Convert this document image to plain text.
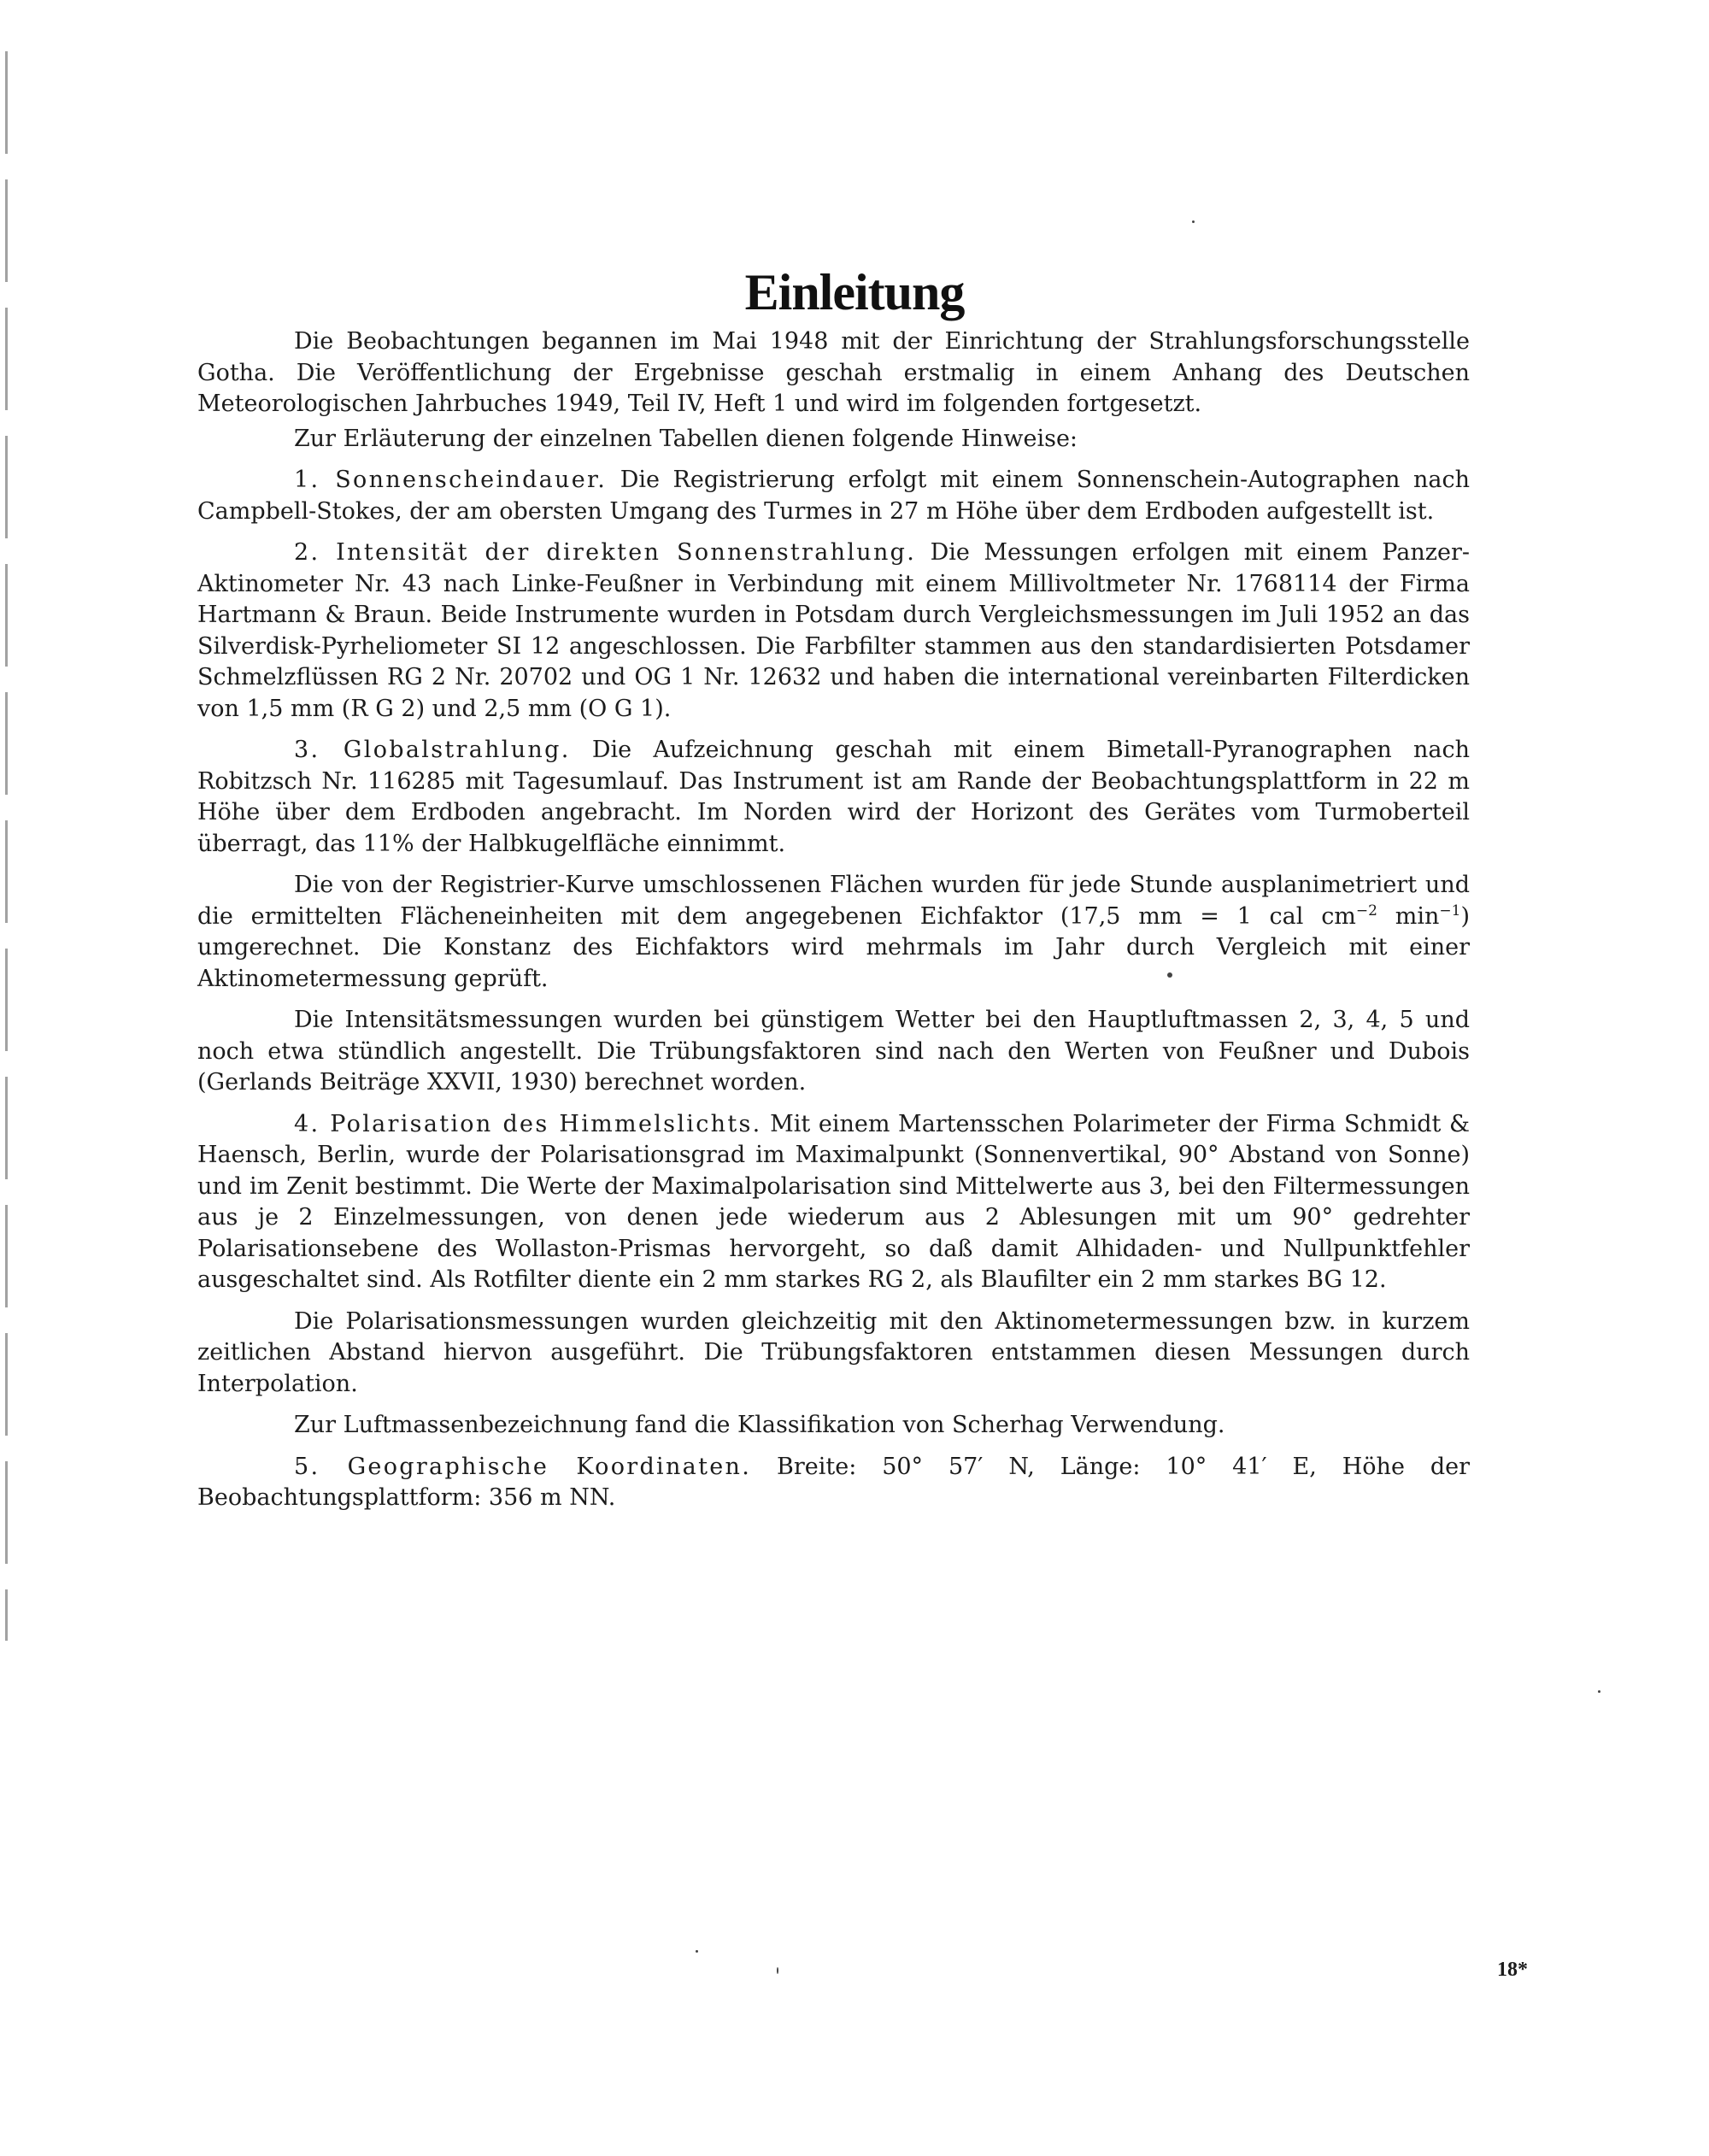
Einleitung

Die Beobachtungen begannen im Mai 1948 mit der Einrichtung der Strahlungsforschungsstelle Gotha. Die Veröffentlichung der Ergebnisse geschah erstmalig in einem Anhang des Deutschen Meteorologischen Jahrbuches 1949, Teil IV, Heft 1 und wird im folgenden fortgesetzt.

Zur Erläuterung der einzelnen Tabellen dienen folgende Hinweise:

1. Sonnenscheindauer. Die Registrierung erfolgt mit einem Sonnenschein-Autographen nach Campbell-Stokes, der am obersten Umgang des Turmes in 27 m Höhe über dem Erdboden aufgestellt ist.

2. Intensität der direkten Sonnenstrahlung. Die Messungen erfolgen mit einem Panzer-Aktinometer Nr. 43 nach Linke-Feußner in Verbindung mit einem Millivoltmeter Nr. 1768114 der Firma Hartmann & Braun. Beide Instrumente wurden in Potsdam durch Vergleichsmessungen im Juli 1952 an das Silverdisk-Pyrheliometer SI 12 angeschlossen. Die Farbfilter stammen aus den standardisierten Potsdamer Schmelzflüssen RG 2 Nr. 20702 und OG 1 Nr. 12632 und haben die international vereinbarten Filterdicken von 1,5 mm (R G 2) und 2,5 mm (O G 1).

3. Globalstrahlung. Die Aufzeichnung geschah mit einem Bimetall-Pyranographen nach Robitzsch Nr. 116285 mit Tagesumlauf. Das Instrument ist am Rande der Beobachtungsplattform in 22 m Höhe über dem Erdboden angebracht. Im Norden wird der Horizont des Gerätes vom Turmoberteil überragt, das 11% der Halbkugelfläche einnimmt.

Die von der Registrier-Kurve umschlossenen Flächen wurden für jede Stunde ausplanimetriert und die ermittelten Flächeneinheiten mit dem angegebenen Eichfaktor (17,5 mm = 1 cal $cm^{-2}$ $\min^{-1}$) umgerechnet. Die Konstanz des Eichfaktors wird mehrmals im Jahr durch Vergleich mit einer Aktinometermessung geprüft.

Die Intensitätsmessungen wurden bei günstigem Wetter bei den Hauptluftmassen 2, 3, 4, 5 und noch etwa stündlich angestellt. Die Trübungsfaktoren sind nach den Werten von Feußner und Dubois (Gerlands Beiträge XXVII, 1930) berechnet worden.

4. Polarisation des Himmelslichts. Mit einem Martensschen Polarimeter der Firma Schmidt & Haensch, Berlin, wurde der Polarisationsgrad im Maximalpunkt (Sonnenvertikal, 90° Abstand von Sonne) und im Zenit bestimmt. Die Werte der Maximalpolarisation sind Mittelwerte aus 3, bei den Filtermessungen aus je 2 Einzelmessungen, von denen jede wiederum aus 2 Ablesungen mit um 90° gedrehter Polarisationsebene des Wollaston-Prismas hervorgeht, so daß damit Alhidaden- und Nullpunktfehler ausgeschaltet sind. Als Rotfilter diente ein 2 mm starkes RG 2, als Blaufilter ein 2 mm starkes BG 12.

Die Polarisationsmessungen wurden gleichzeitig mit den Aktinometermessungen bzw. in kurzem zeitlichen Abstand hiervon ausgeführt. Die Trübungsfaktoren entstammen diesen Messungen durch Interpolation.

Zur Luftmassenbezeichnung fand die Klassifikation von Scherhag Verwendung.

5. Geographische Koordinaten. Breite: 50° 57′ N, Länge: 10° 41′ E, Höhe der Beobachtungsplattform: 356 m NN.

18*
